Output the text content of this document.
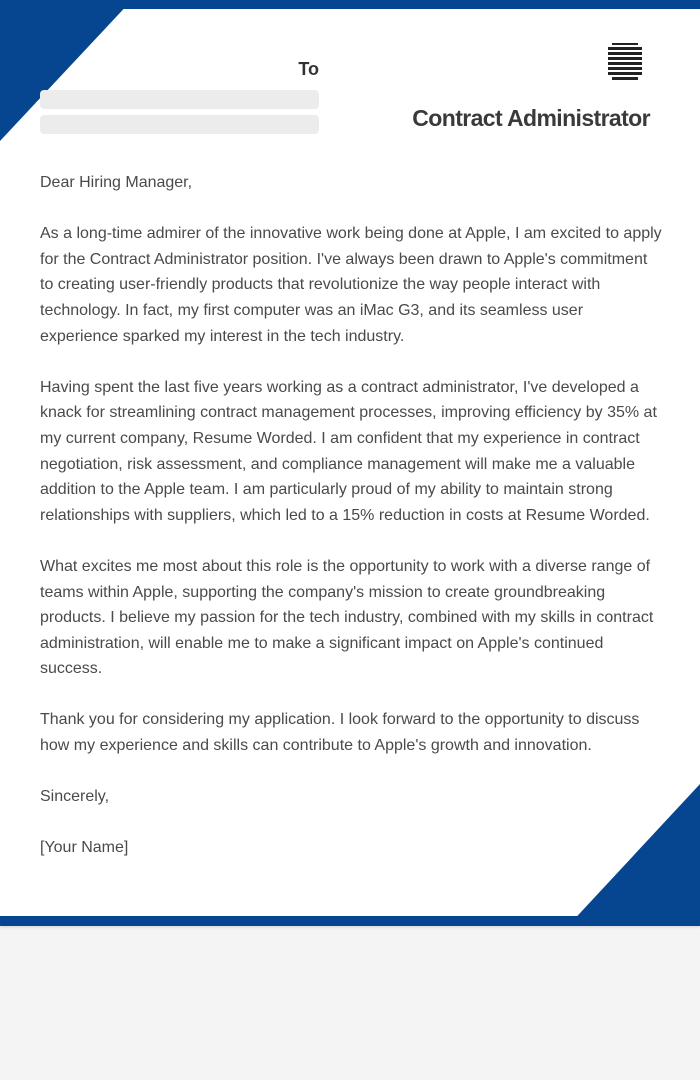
To
Contract Administrator

Dear Hiring Manager,

As a long-time admirer of the innovative work being done at Apple, I am excited to apply for the Contract Administrator position. I've always been drawn to Apple's commitment to creating user-friendly products that revolutionize the way people interact with technology. In fact, my first computer was an iMac G3, and its seamless user experience sparked my interest in the tech industry.

Having spent the last five years working as a contract administrator, I've developed a knack for streamlining contract management processes, improving efficiency by 35% at my current company, Resume Worded. I am confident that my experience in contract negotiation, risk assessment, and compliance management will make me a valuable addition to the Apple team. I am particularly proud of my ability to maintain strong relationships with suppliers, which led to a 15% reduction in costs at Resume Worded.

What excites me most about this role is the opportunity to work with a diverse range of teams within Apple, supporting the company's mission to create groundbreaking products. I believe my passion for the tech industry, combined with my skills in contract administration, will enable me to make a significant impact on Apple's continued success.

Thank you for considering my application. I look forward to the opportunity to discuss how my experience and skills can contribute to Apple's growth and innovation.

Sincerely,

[Your Name]
